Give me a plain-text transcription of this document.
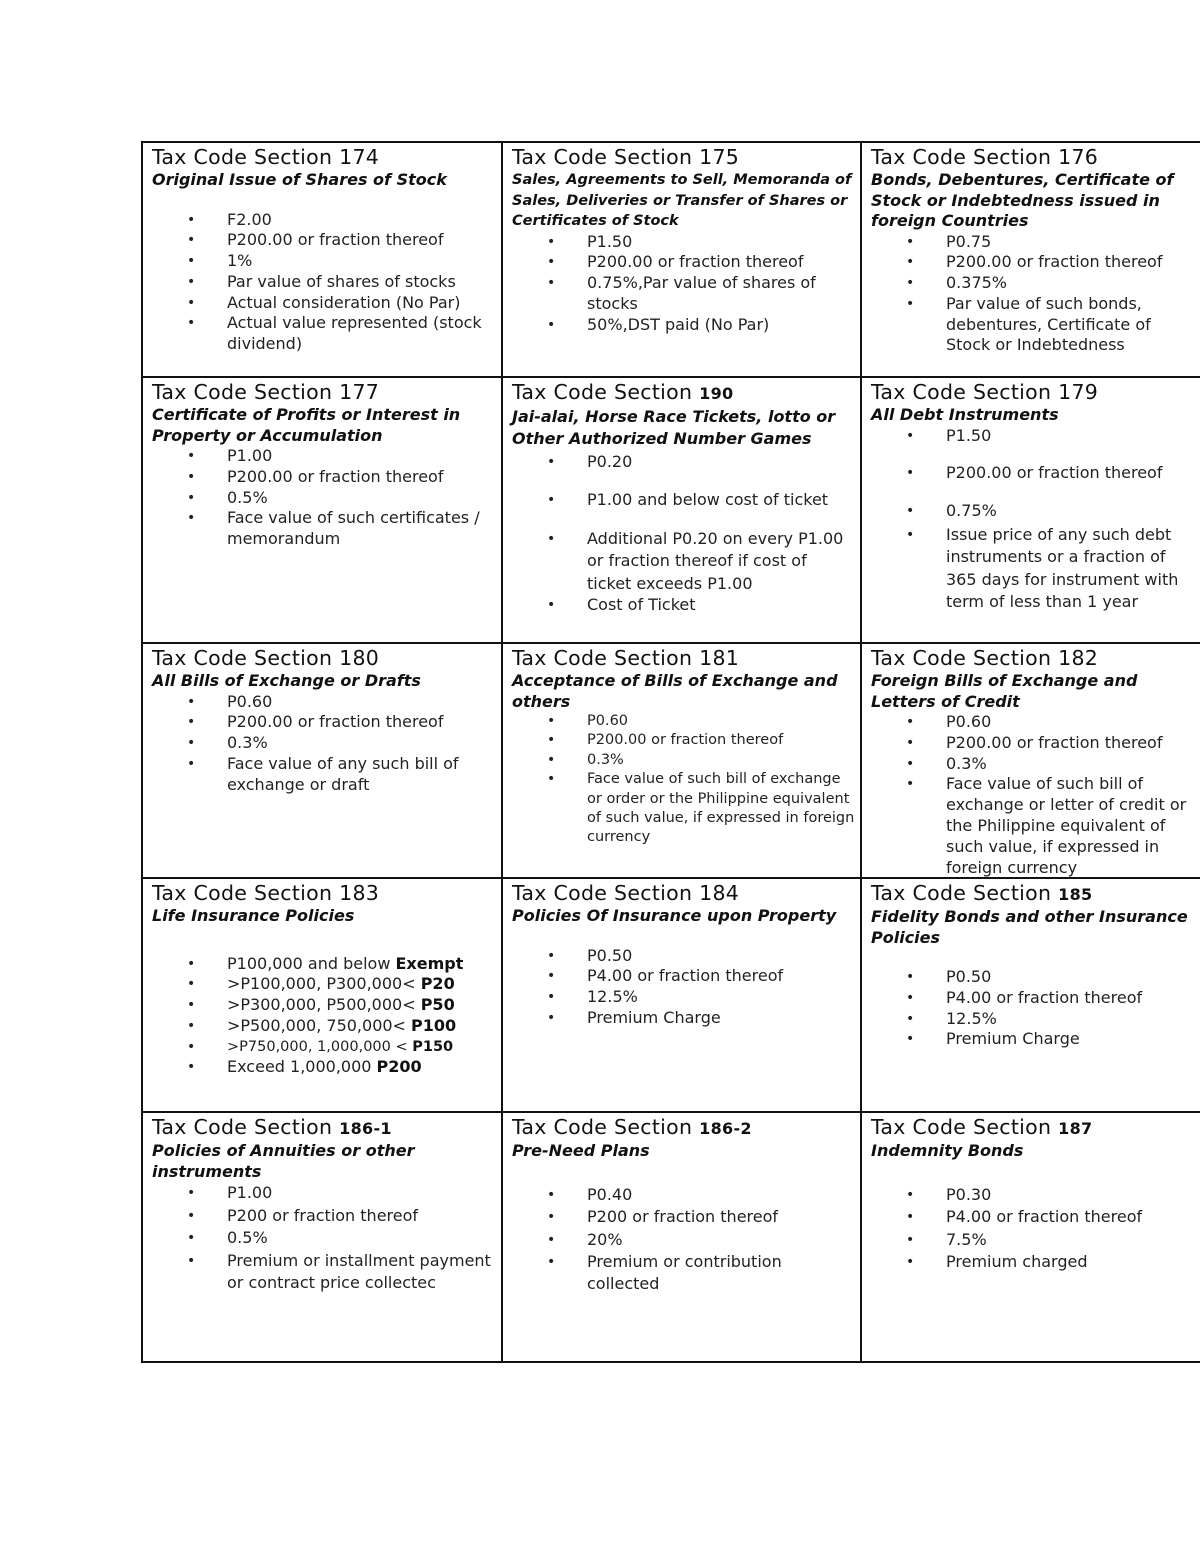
Tax Code Section 174
Original Issue of Shares of Stock
•	F2.00
•	P200.00 or fraction thereof
•	1%
•	Par value of shares of stocks
•	Actual consideration (No Par)
•	Actual value represented (stock dividend)
Tax Code Section 175
Sales, Agreements to Sell, Memoranda of Sales, Deliveries or Transfer of Shares or Certificates of Stock
•	P1.50
•	P200.00 or fraction thereof
•	0.75%,Par value of shares of stocks
•	50%,DST paid (No Par)
Tax Code Section 176
Bonds, Debentures, Certificate of Stock or Indebtedness issued in foreign Countries
•	P0.75
•	P200.00 or fraction thereof
•	0.375%
•	Par value of such bonds, debentures, Certificate of Stock or Indebtedness
Tax Code Section 177
Certificate of Profits or Interest in Property or Accumulation
•	P1.00
•	P200.00 or fraction thereof
•	0.5%
•	Face value of such certificates / memorandum
Tax Code Section 190
Jai-alai, Horse Race Tickets, lotto or Other Authorized Number Games
•	P0.20
•	P1.00 and below cost of ticket
•	Additional P0.20 on every P1.00 or fraction thereof if cost of ticket exceeds P1.00
•	Cost of Ticket
Tax Code Section 179
All Debt Instruments
•	P1.50
•	P200.00 or fraction thereof
•	0.75%
•	Issue price of any such debt instruments or a fraction of 365 days for instrument with term of less than 1 year
Tax Code Section 180
All Bills of Exchange or Drafts
•	P0.60
•	P200.00 or fraction thereof
•	0.3%
•	Face value of any such bill of exchange or draft
Tax Code Section 181
Acceptance of Bills of Exchange and others
•	P0.60
•	P200.00 or fraction thereof
•	0.3%
•	Face value of such bill of exchange or order or the Philippine equivalent of such value, if expressed in foreign currency
Tax Code Section 182
Foreign Bills of Exchange and Letters of Credit
•	P0.60
•	P200.00 or fraction thereof
•	0.3%
•	Face value of such bill of exchange or letter of credit or the Philippine equivalent of such value, if expressed in foreign currency
Tax Code Section 183
Life Insurance Policies
•	P100,000 and below Exempt
•	>P100,000, P300,000< P20
•	>P300,000, P500,000< P50
•	>P500,000, 750,000< P100
•	>P750,000, 1,000,000 < P150
•	Exceed 1,000,000 P200
Tax Code Section 184
Policies Of Insurance upon Property
•	P0.50
•	P4.00 or fraction thereof
•	12.5%
•	Premium Charge
Tax Code Section 185
Fidelity Bonds and other Insurance Policies
•	P0.50
•	P4.00 or fraction thereof
•	12.5%
•	Premium Charge
Tax Code Section 186-1
Policies of Annuities or other instruments
•	P1.00
•	P200 or fraction thereof
•	0.5%
•	Premium or installment payment or contract price collectec
Tax Code Section 186-2
Pre-Need Plans
•	P0.40
•	P200 or fraction thereof
•	20%
•	Premium or contribution collected
Tax Code Section 187
Indemnity Bonds
•	P0.30
•	P4.00 or fraction thereof
•	7.5%
•	Premium charged
